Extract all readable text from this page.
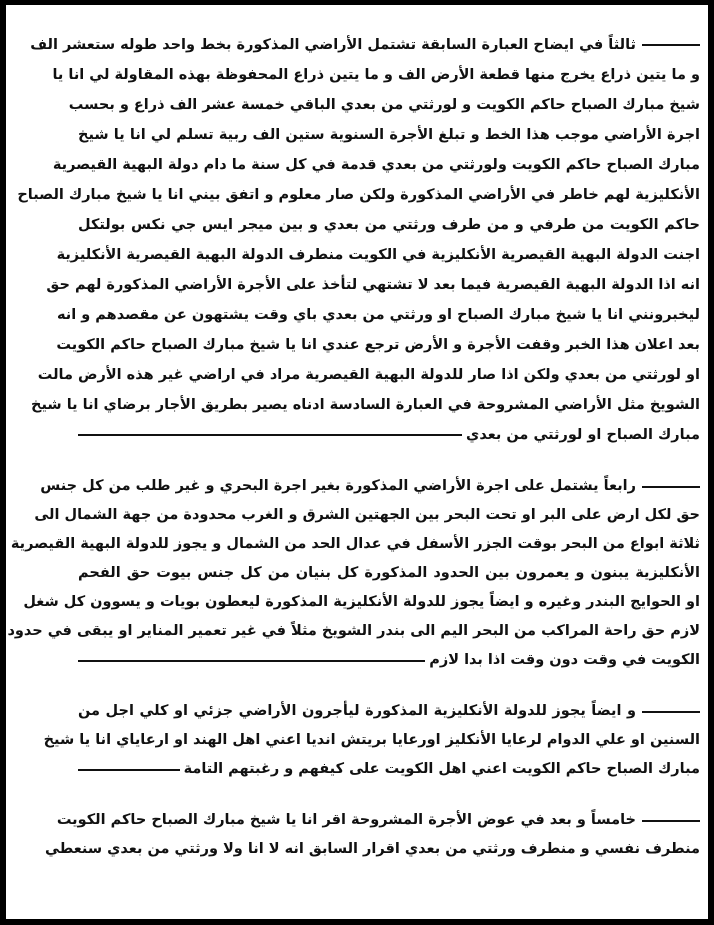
ثالثاً في ايضاح العبارة السابقة تشتمل الأراضي المذكورة بخط واحد طوله ستعشر الف
و ما يتين ذراع يخرج منها قطعة الأرض الف و ما يتين ذراع المحفوظة بهذه المقاولة لي انا يا
شيخ مبارك الصباح حاكم الكويت و لورثتي من بعدي الباقي خمسة عشر الف ذراع و بحسب
اجرة الأراضي موجب هذا الخط و تبلغ الأجرة السنوية ستين الف ربية تسلم لي انا يا شيخ
مبارك الصباح حاكم الكويت ولورثتي من بعدي قدمة في كل سنة ما دام دولة البهية القيصرية
الأنكليزية لهم خاطر في الأراضي المذكورة ولكن صار معلوم و اتفق بيني انا يا شيخ مبارك الصباح
حاكم الكويت من طرفي و من طرف ورثتي من بعدي و بين ميجر ايس جي نكس بولتكل
اجنت الدولة البهية القيصرية الأنكليزية في الكويت منطرف الدولة البهية القيصرية الأنكليزية
انه اذا الدولة البهية القيصرية فيما بعد لا تشتهي لتأخذ على الأجرة الأراضي المذكورة لهم حق
ليخبرونني انا يا شيخ مبارك الصباح او ورثتي من بعدي باي وقت يشتهون عن مقصدهم و انه
بعد اعلان هذا الخبر وقفت الأجرة و الأرض ترجع عندي انا يا شيخ مبارك الصباح حاكم الكويت
او لورثتي من بعدي ولكن اذا صار للدولة البهية القيصرية مراد في اراضي غير هذه الأرض مالت
الشويخ مثل الأراضي المشروحة في العبارة السادسة ادناه يصير بطريق الأجار برضاي انا يا شيخ
مبارك الصباح او لورثتي من بعدي
رابعاً يشتمل على اجرة الأراضي المذكورة بغير اجرة البحري و غير طلب من كل جنس
حق لكل ارض على البر او تحت البحر بين الجهتين الشرق و الغرب محدودة من جهة الشمال الى
ثلاثة ابواع من البحر بوقت الجزر الأسفل في عدال الحد من الشمال و يجوز للدولة البهية القيصرية
الأنكليزية يبنون و يعمرون بين الحدود المذكورة كل بنيان من كل جنس بيوت حق الفحم
او الحوايج البندر وغيره و ايضاً يجوز للدولة الأنكليزية المذكورة ليعطون بويات و يسوون كل شغل
لازم حق راحة المراكب من البحر اليم الى بندر الشويخ مثلاً في غير تعمير المناير او يبقى في حدود
الكويت في وقت دون وقت اذا بدا لازم
و ايضاً يجوز للدولة الأنكليزية المذكورة ليأجرون الأراضي جزئي او كلي اجل من
السنين او علي الدوام لرعايا الأنكليز اورعايا بريتش انديا اعني اهل الهند او ارعاياي انا يا شيخ
مبارك الصباح حاكم الكويت اعني اهل الكويت على كيفهم و رغبتهم التامة
خامساً و بعد في عوض الأجرة المشروحة اقر انا يا شيخ مبارك الصباح حاكم الكويت
منطرف نفسي و منطرف ورثتي من بعدي اقرار السابق انه لا انا ولا ورثتي من بعدي سنعطي
